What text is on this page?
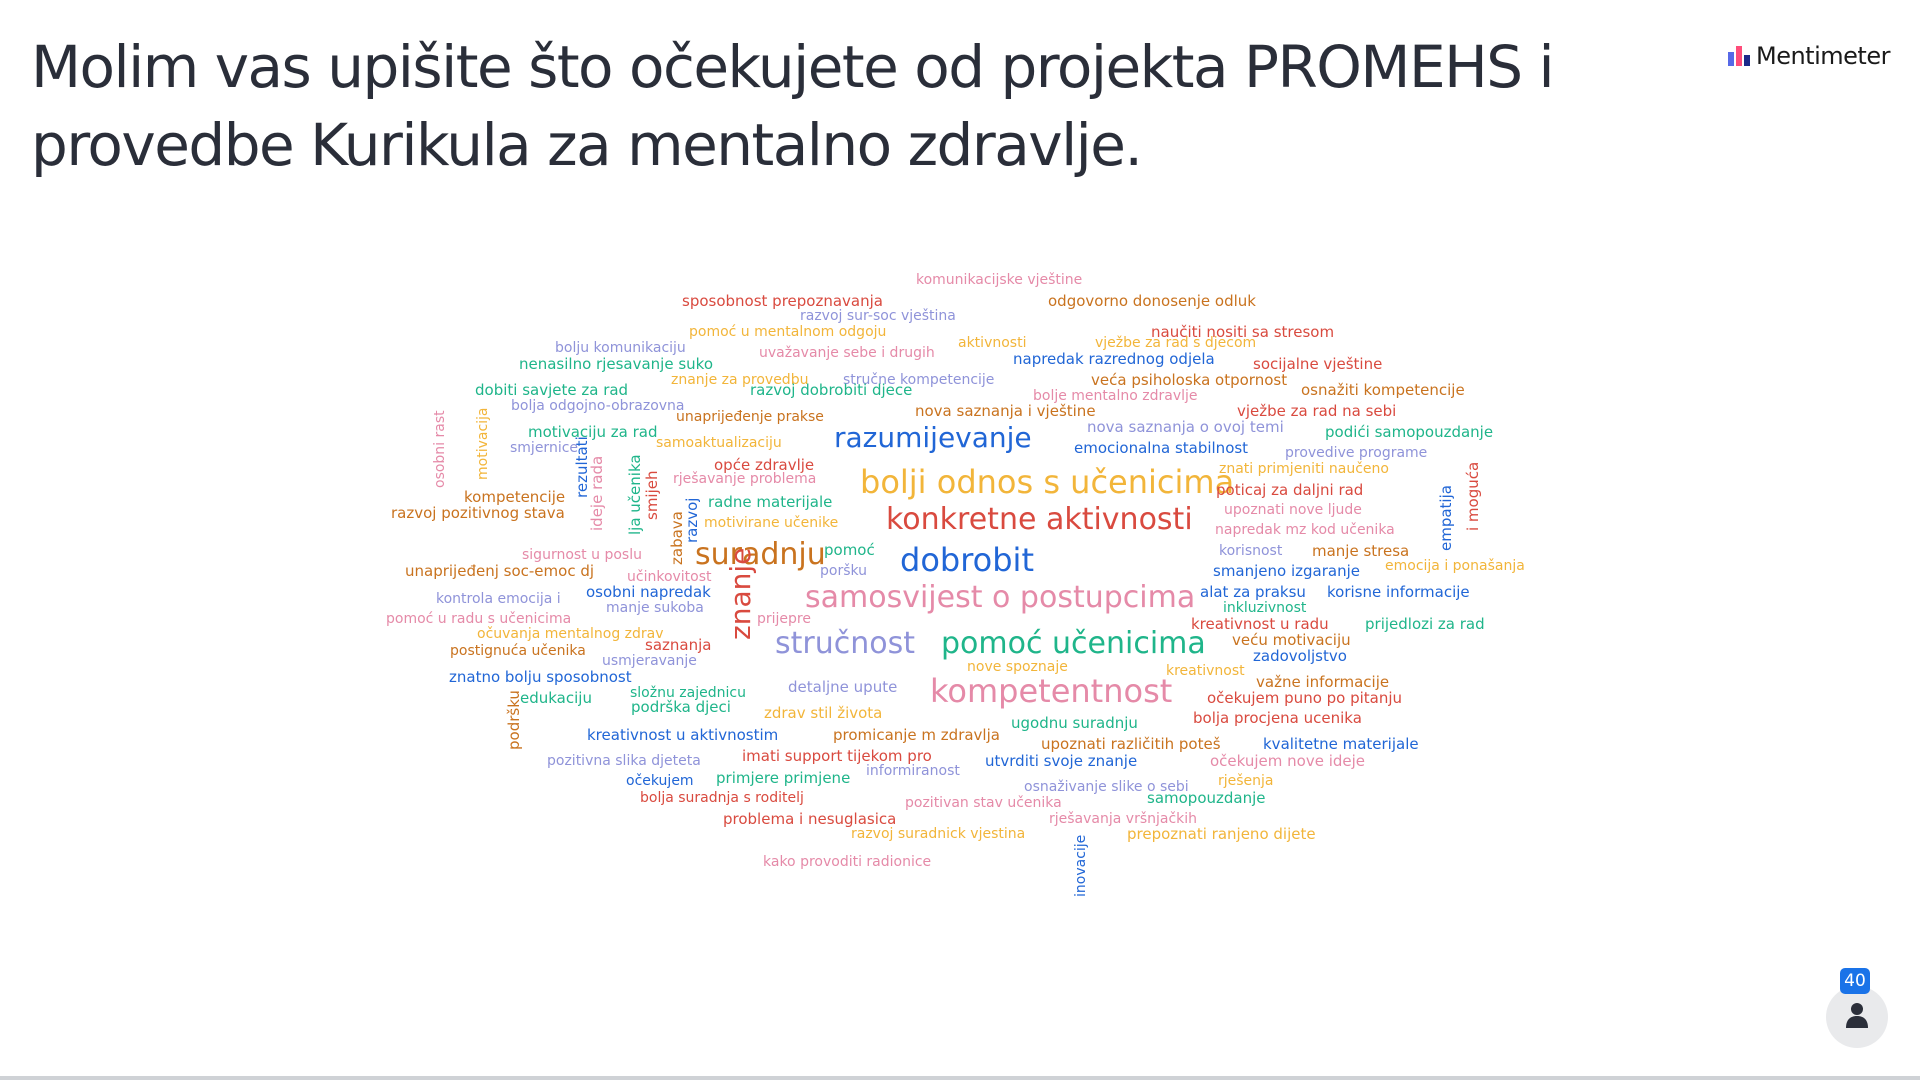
Molim vas upišite što očekujete od projekta PROMEHS i provedbe Kurikula za mentalno zdravlje.
Mentimeter
komunikacijske vještine
sposobnost prepoznavanja	odgovorno donosenje odluk
razvoj sur-soc vještina
pomoć u mentalnom odgoju	naučiti nositi sa stresom
bolju komunikaciju	aktivnosti	vježbe za rad s djecom
uvažavanje sebe i drugih
nenasilno rjesavanje suko	napredak razrednog odjela	socijalne vještine
znanje za provedbu stručne kompetencije	veća psiholoska otpornost
dobiti savjete za rad	razvoj dobrobiti djece	bolje mentalno zdravlje	osnažiti kompetencije
bolja odgojno-obrazovna	nova saznanja i vještine	vježbe za rad na sebi
unaprijeđenje prakse
osobni rast motivacija motivaciju za rad	razumijevanje	nova saznanja o ovoj temi	podići samopouzdanje
smjernice	samoaktualizaciju	emocionalna stabilnost	provedive programe
opće zdravlje	znati primjeniti naučeno
rješavanje problema bolji odnos s učenicima
poticaj za daljni rad
kompetencije rezultati
ideje rada lja učenika smijeh	radne materijale	upoznati nove ljude	empatija i mogućа
razvoj pozitivnog stava
motivirane učenike konkretne aktivnosti napredak mz kod učenika
zabava
razvoj
korisnost manje stresa
sigurnost u poslu suradnju
pomoć dobrobit	emocija i ponašanja
unaprijeđenj soc-emoc dj	poršku	smanjeno izgaranje
učinkovitost
alat za praksu korisne informacije
osobni napredak
kontrola emocija i	samosvijest o postupcima inkluzivnost
manje sukoba znanje	prijedlozi za rad
pomoć u radu s učenicima	prijepre	kreativnost u radu
očuvanja mentalnog zdrav	veću motivaciju
stručnost pomoć učenicima
postignuća učenika	saznanja
zadovoljstvo
usmjeravanje	nove spoznaje	kreativnost
znatno bolju sposobnost	važne informacije
detaljne upute kompetentnost
složnu zajednicu
edukaciju	očekujem puno po pitanju
podrška djeci zdrav stil života
podršku	ugodnu suradnju	bolja procjena ucenika
kreativnost u aktivnostim	promicanje m zdravlja	upoznati različitih poteš	kvalitetne materijale
imati support tijekom pro
pozitivna slika djeteta	utvrditi svoje znanje	očekujem nove ideje
informiranost
primjere primjene
očekujem	osnaživanje slike o sebi rješenja
bolja suradnja s roditelj	samopouzdanje
pozitivan stav učenika
problema i nesuglasica	rješavanja vršnjačkih
razvoj suradnick vjestina	prepoznati ranjeno dijete
inovacije
kako provoditi radionice
40
